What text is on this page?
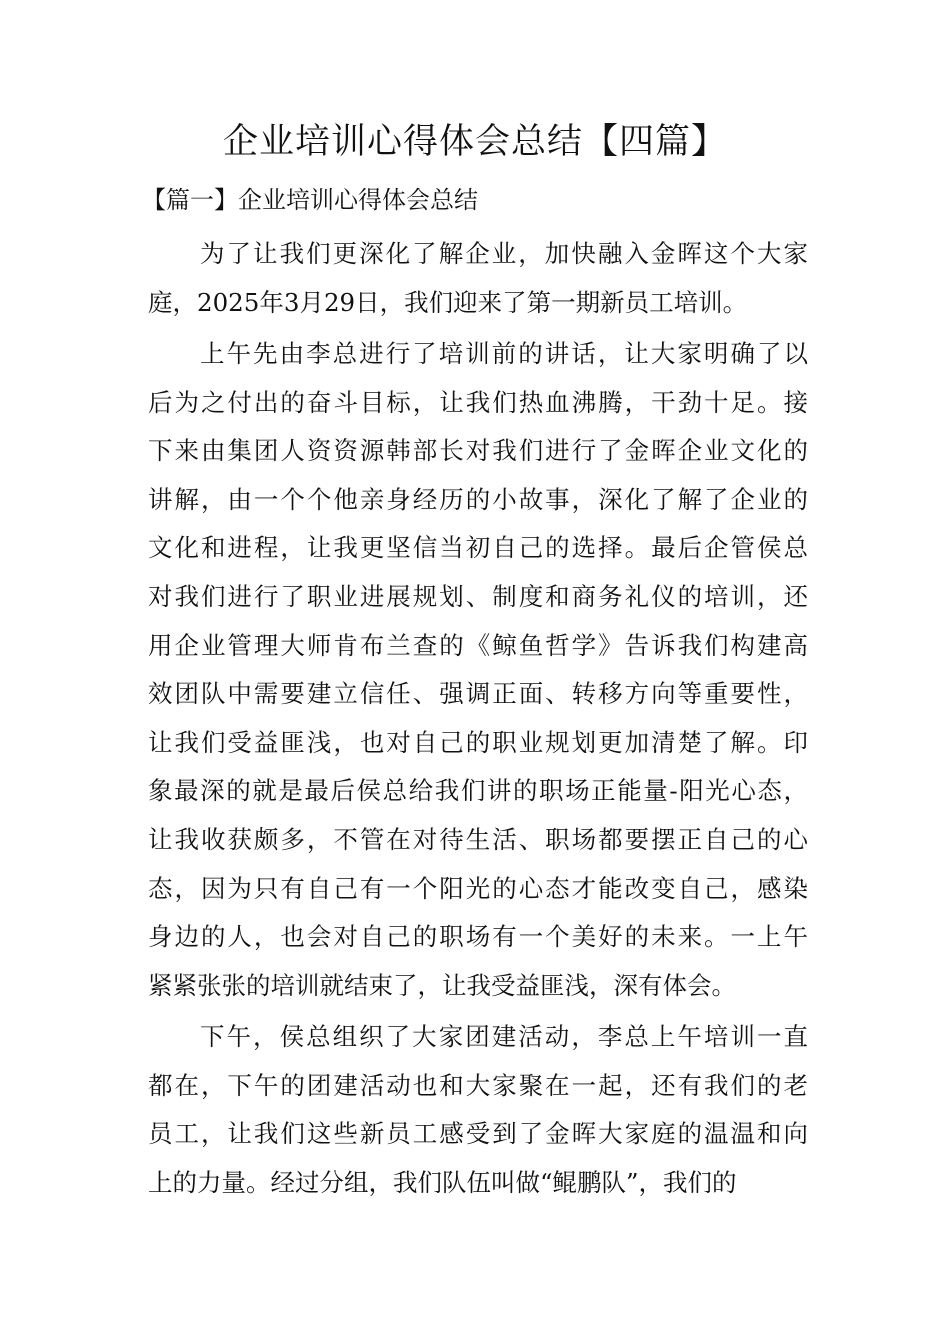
企业培训心得体会总结【四篇】
【篇一】企业培训心得体会总结
为了让我们更深化了解企业，加快融入金晖这个大家
庭，2025年3月29日，我们迎来了第一期新员工培训。
上午先由李总进行了培训前的讲话，让大家明确了以
后为之付出的奋斗目标，让我们热血沸腾，干劲十足。接
下来由集团人资资源韩部长对我们进行了金晖企业文化的
讲解，由一个个他亲身经历的小故事，深化了解了企业的
文化和进程，让我更坚信当初自己的选择。最后企管侯总
对我们进行了职业进展规划、制度和商务礼仪的培训，还
用企业管理大师肯布兰查的《鲸鱼哲学》告诉我们构建高
效团队中需要建立信任、强调正面、转移方向等重要性，
让我们受益匪浅，也对自己的职业规划更加清楚了解。印
象最深的就是最后侯总给我们讲的职场正能量-阳光心态，
让我收获颇多，不管在对待生活、职场都要摆正自己的心
态，因为只有自己有一个阳光的心态才能改变自己，感染
身边的人，也会对自己的职场有一个美好的未来。一上午
紧紧张张的培训就结束了，让我受益匪浅，深有体会。
下午，侯总组织了大家团建活动，李总上午培训一直
都在，下午的团建活动也和大家聚在一起，还有我们的老
员工，让我们这些新员工感受到了金晖大家庭的温温和向
上的力量。经过分组，我们队伍叫做“鲲鹏队”，我们的
